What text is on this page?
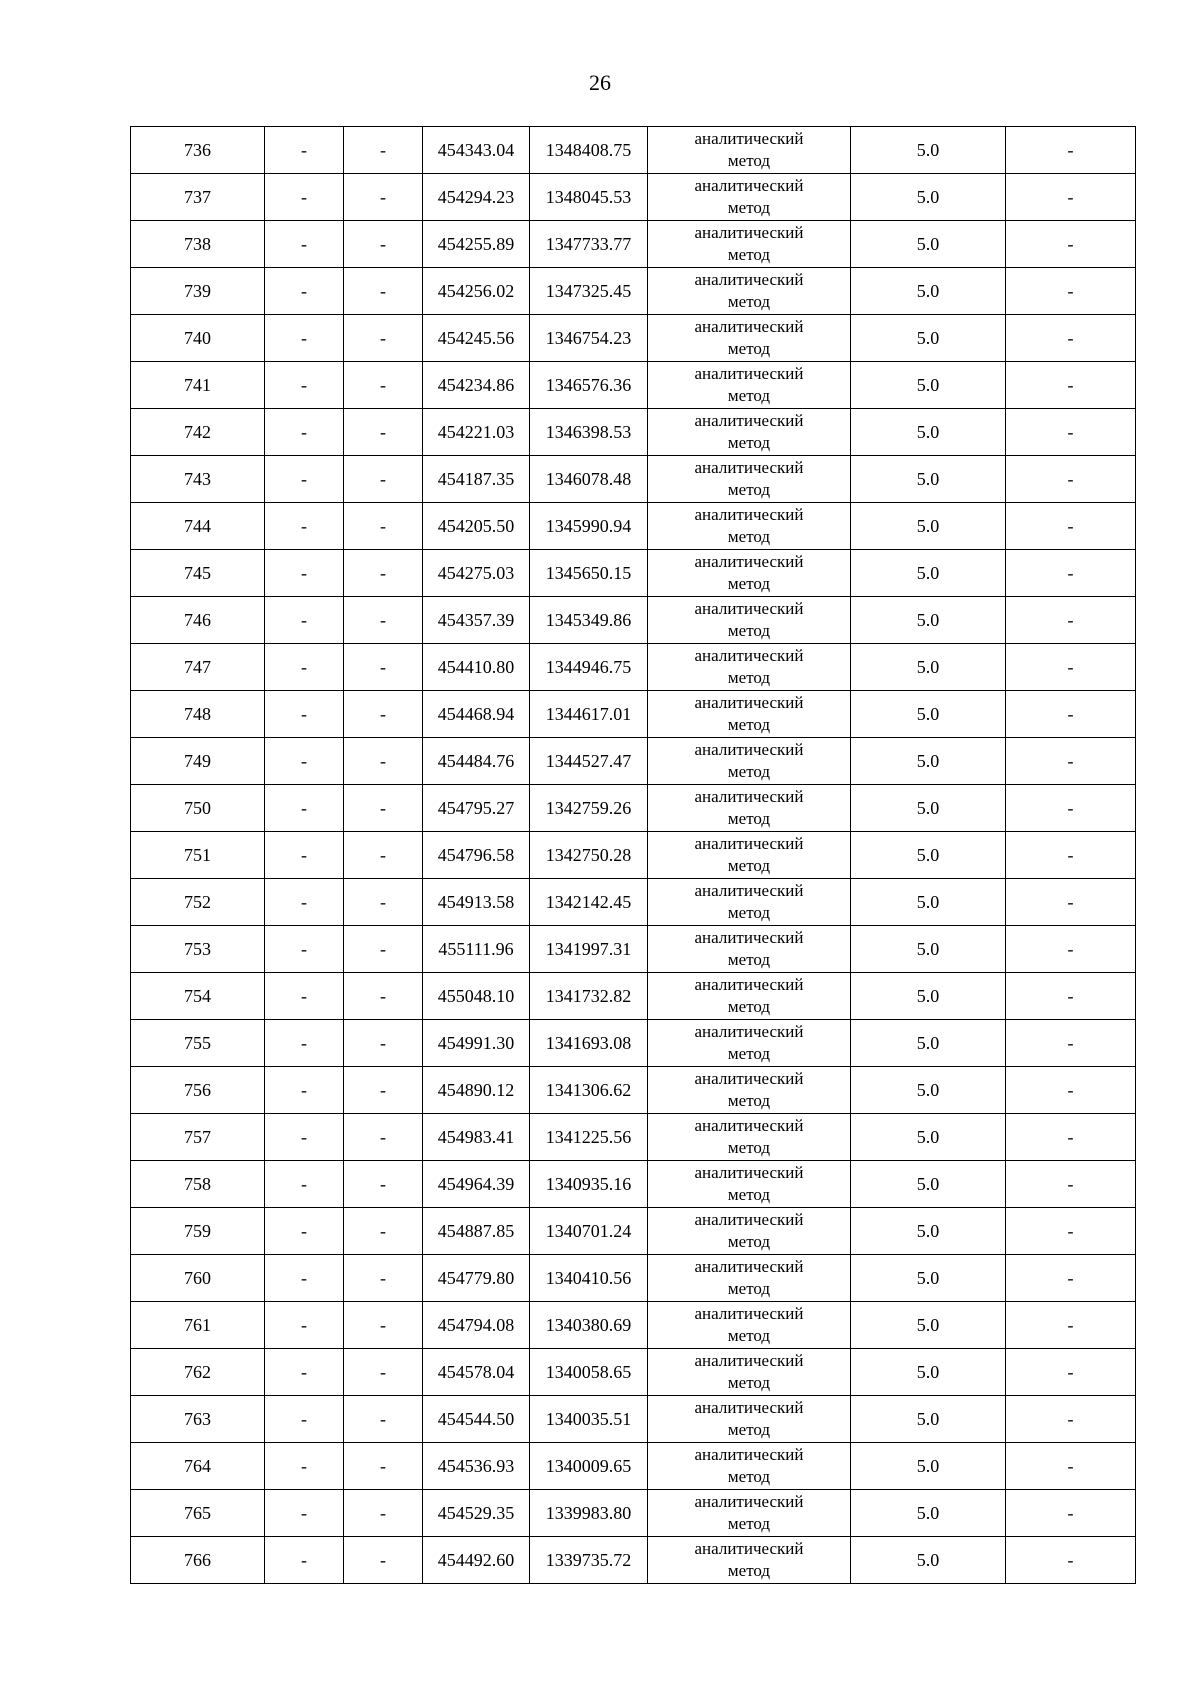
26
736	-	-	454343.04	1348408.75	аналитический
метод	5.0	-
737	-	-	454294.23	1348045.53	аналитический
метод	5.0	-
738	-	-	454255.89	1347733.77	аналитический
метод	5.0	-
739	-	-	454256.02	1347325.45	аналитический
метод	5.0	-
740	-	-	454245.56	1346754.23	аналитический
метод	5.0	-
741	-	-	454234.86	1346576.36	аналитический
метод	5.0	-
742	-	-	454221.03	1346398.53	аналитический
метод	5.0	-
743	-	-	454187.35	1346078.48	аналитический
метод	5.0	-
744	-	-	454205.50	1345990.94	аналитический
метод	5.0	-
745	-	-	454275.03	1345650.15	аналитический
метод	5.0	-
746	-	-	454357.39	1345349.86	аналитический
метод	5.0	-
747	-	-	454410.80	1344946.75	аналитический
метод	5.0	-
748	-	-	454468.94	1344617.01	аналитический
метод	5.0	-
749	-	-	454484.76	1344527.47	аналитический
метод	5.0	-
750	-	-	454795.27	1342759.26	аналитический
метод	5.0	-
751	-	-	454796.58	1342750.28	аналитический
метод	5.0	-
752	-	-	454913.58	1342142.45	аналитический
метод	5.0	-
753	-	-	455111.96	1341997.31	аналитический
метод	5.0	-
754	-	-	455048.10	1341732.82	аналитический
метод	5.0	-
755	-	-	454991.30	1341693.08	аналитический
метод	5.0	-
756	-	-	454890.12	1341306.62	аналитический
метод	5.0	-
757	-	-	454983.41	1341225.56	аналитический
метод	5.0	-
758	-	-	454964.39	1340935.16	аналитический
метод	5.0	-
759	-	-	454887.85	1340701.24	аналитический
метод	5.0	-
760	-	-	454779.80	1340410.56	аналитический
метод	5.0	-
761	-	-	454794.08	1340380.69	аналитический
метод	5.0	-
762	-	-	454578.04	1340058.65	аналитический
метод	5.0	-
763	-	-	454544.50	1340035.51	аналитический
метод	5.0	-
764	-	-	454536.93	1340009.65	аналитический
метод	5.0	-
765	-	-	454529.35	1339983.80	аналитический
метод	5.0	-
766	-	-	454492.60	1339735.72	аналитический
метод	5.0	-
